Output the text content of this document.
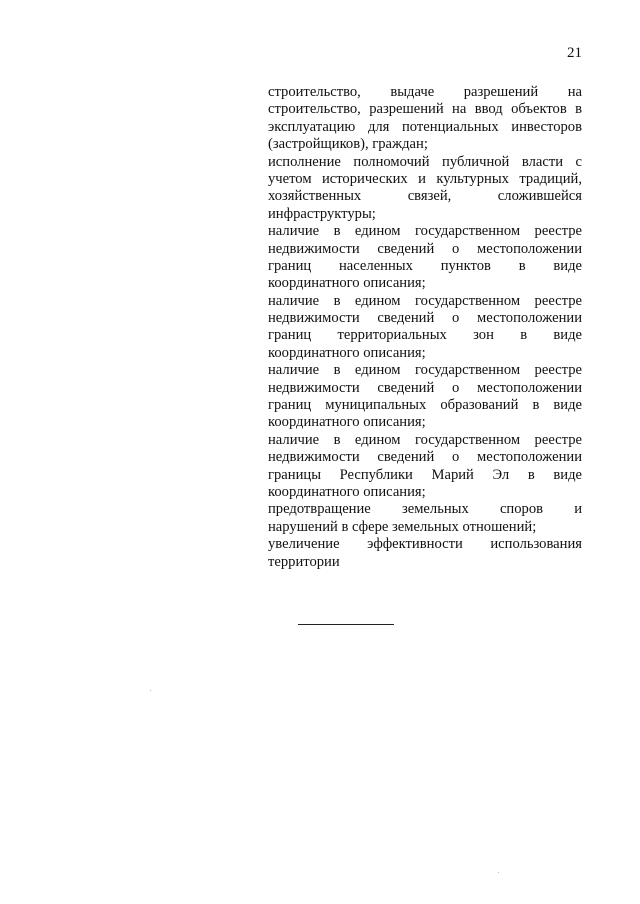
21
строительство, выдаче разрешений на
строительство, разрешений на ввод объектов в
эксплуатацию для потенциальных инвесторов
(застройщиков), граждан;
исполнение полномочий публичной власти с
учетом исторических и культурных традиций,
хозяйственных связей, сложившейся
инфраструктуры;
наличие в едином государственном реестре
недвижимости сведений о местоположении
границ населенных пунктов в виде
координатного описания;
наличие в едином государственном реестре
недвижимости сведений о местоположении
границ территориальных зон в виде
координатного описания;
наличие в едином государственном реестре
недвижимости сведений о местоположении
границ муниципальных образований в виде
координатного описания;
наличие в едином государственном реестре
недвижимости сведений о местоположении
границы Республики Марий Эл в виде
координатного описания;
предотвращение земельных споров и
нарушений в сфере земельных отношений;
увеличение эффективности использования
территории
